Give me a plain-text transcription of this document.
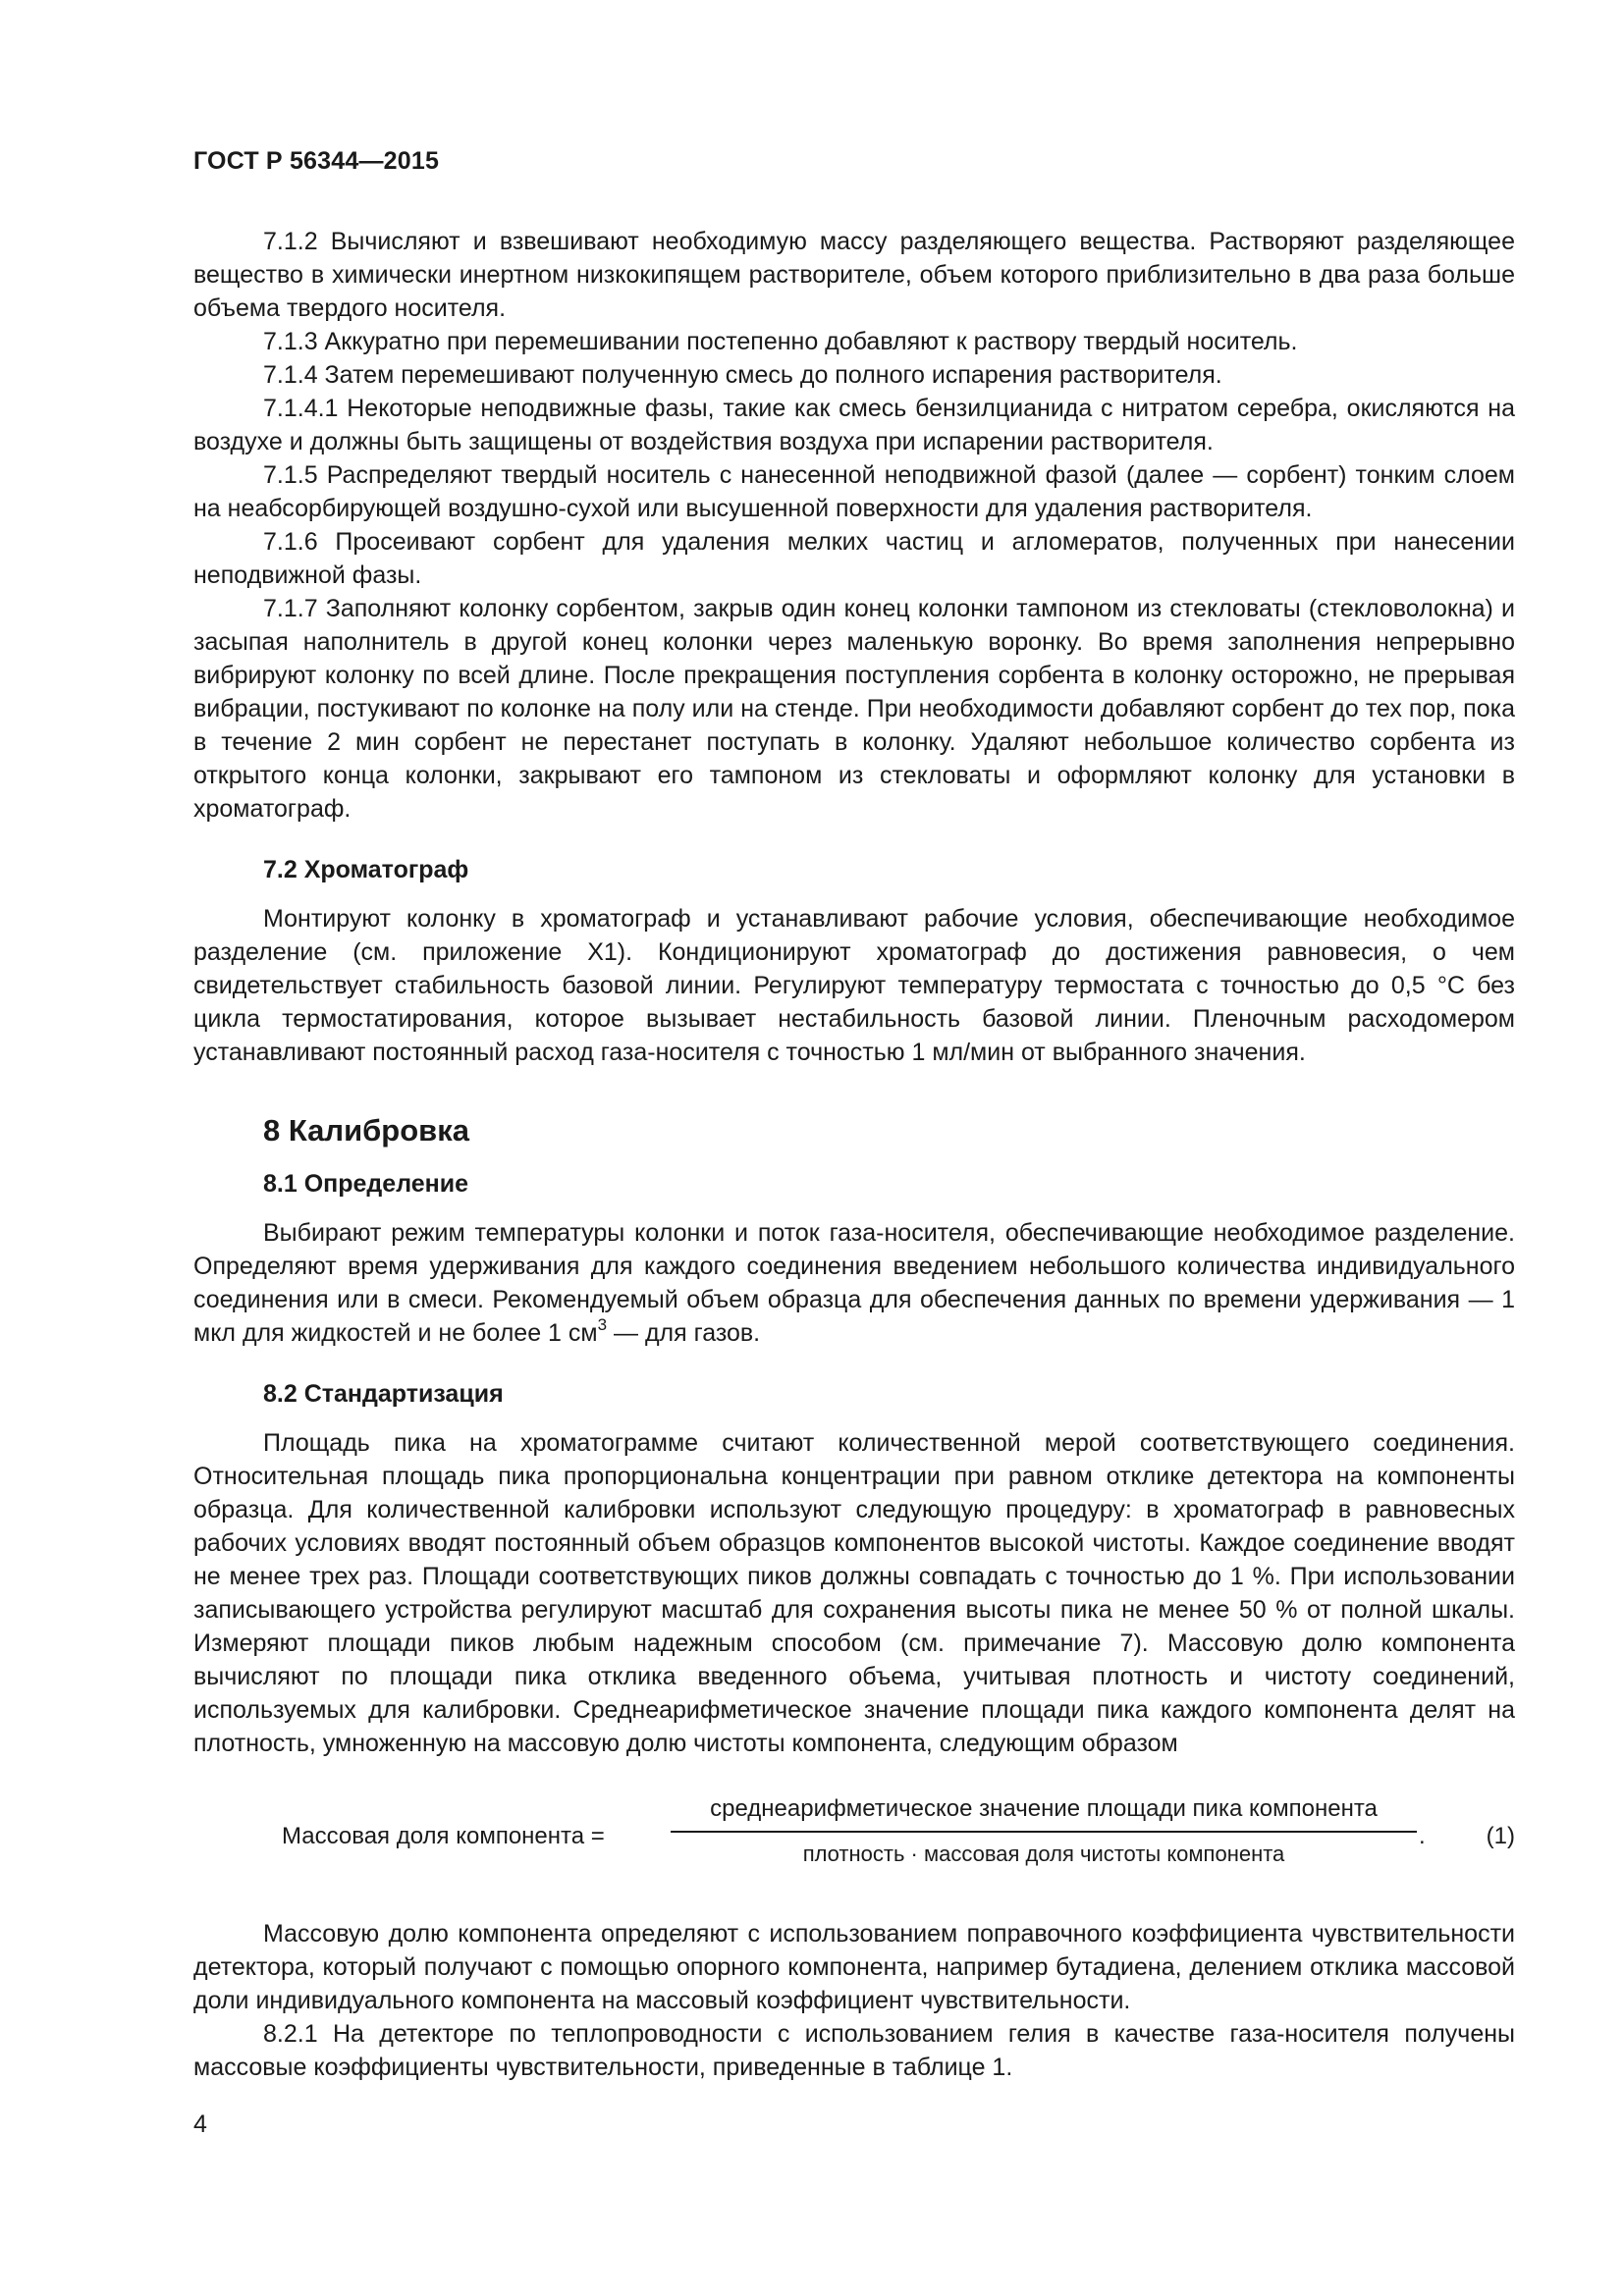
ГОСТ Р 56344—2015

7.1.2 Вычисляют и взвешивают необходимую массу разделяющего вещества. Растворяют разделяющее вещество в химически инертном низкокипящем растворителе, объем которого приблизительно в два раза больше объема твердого носителя.

7.1.3 Аккуратно при перемешивании постепенно добавляют к раствору твердый носитель.

7.1.4 Затем перемешивают полученную смесь до полного испарения растворителя.

7.1.4.1 Некоторые неподвижные фазы, такие как смесь бензилцианида с нитратом серебра, окисляются на воздухе и должны быть защищены от воздействия воздуха при испарении растворителя.

7.1.5 Распределяют твердый носитель с нанесенной неподвижной фазой (далее — сорбент) тонким слоем на неабсорбирующей воздушно-сухой или высушенной поверхности для удаления растворителя.

7.1.6 Просеивают сорбент для удаления мелких частиц и агломератов, полученных при нанесении неподвижной фазы.

7.1.7 Заполняют колонку сорбентом, закрыв один конец колонки тампоном из стекловаты (стекловолокна) и засыпая наполнитель в другой конец колонки через маленькую воронку. Во время заполнения непрерывно вибрируют колонку по всей длине. После прекращения поступления сорбента в колонку осторожно, не прерывая вибрации, постукивают по колонке на полу или на стенде. При необходимости добавляют сорбент до тех пор, пока в течение 2 мин сорбент не перестанет поступать в колонку. Удаляют небольшое количество сорбента из открытого конца колонки, закрывают его тампоном из стекловаты и оформляют колонку для установки в хроматограф.

7.2 Хроматограф

Монтируют колонку в хроматограф и устанавливают рабочие условия, обеспечивающие необходимое разделение (см. приложение Х1). Кондиционируют хроматограф до достижения равновесия, о чем свидетельствует стабильность базовой линии. Регулируют температуру термостата с точностью до 0,5 °С без цикла термостатирования, которое вызывает нестабильность базовой линии. Пленочным расходомером устанавливают постоянный расход газа-носителя с точностью 1 мл/мин от выбранного значения.

8 Калибровка
8.1 Определение

Выбирают режим температуры колонки и поток газа-носителя, обеспечивающие необходимое разделение. Определяют время удерживания для каждого соединения введением небольшого количества индивидуального соединения или в смеси. Рекомендуемый объем образца для обеспечения данных по времени удерживания — 1 мкл для жидкостей и не более 1 $см^3$ — для газов.

8.2 Стандартизация

Площадь пика на хроматограмме считают количественной мерой соответствующего соединения. Относительная площадь пика пропорциональна концентрации при равном отклике детектора на компоненты образца. Для количественной калибровки используют следующую процедуру: в хроматограф в равновесных рабочих условиях вводят постоянный объем образцов компонентов высокой чистоты. Каждое соединение вводят не менее трех раз. Площади соответствующих пиков должны совпадать с точностью до 1 %. При использовании записывающего устройства регулируют масштаб для сохранения высоты пика не менее 50 % от полной шкалы. Измеряют площади пиков любым надежным способом (см. примечание 7). Массовую долю компонента вычисляют по площади пика отклика введенного объема, учитывая плотность и чистоту соединений, используемых для калибровки. Среднеарифметическое значение площади пика каждого компонента делят на плотность, умноженную на массовую долю чистоты компонента, следующим образом

Массовая доля компонента =
среднеарифметическое значение площади пика компонента
плотность · массовая доля чистоты компонента
.	(1)

Массовую долю компонента определяют с использованием поправочного коэффициента чувствительности детектора, который получают с помощью опорного компонента, например бутадиена, делением отклика массовой доли индивидуального компонента на массовый коэффициент чувствительности.

8.2.1 На детекторе по теплопроводности с использованием гелия в качестве газа-носителя получены массовые коэффициенты чувствительности, приведенные в таблице 1.

4
